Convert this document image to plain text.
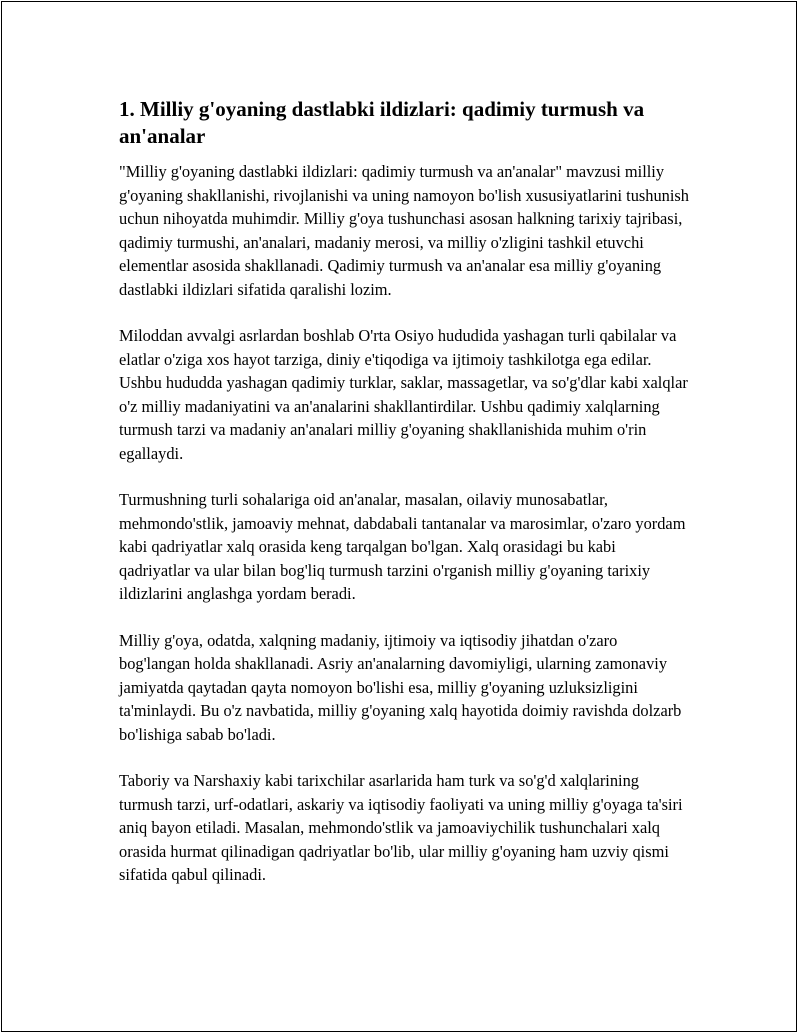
1. Milliy g'oyaning dastlabki ildizlari: qadimiy turmush va an'analar

"Milliy g'oyaning dastlabki ildizlari: qadimiy turmush va an'analar" mavzusi milliy g'oyaning shakllanishi, rivojlanishi va uning namoyon bo'lish xususiyatlarini tushunish uchun nihoyatda muhimdir. Milliy g'oya tushunchasi asosan halkning tarixiy tajribasi, qadimiy turmushi, an'analari, madaniy merosi, va milliy o'zligini tashkil etuvchi elementlar asosida shakllanadi. Qadimiy turmush va an'analar esa milliy g'oyaning dastlabki ildizlari sifatida qaralishi lozim.

Miloddan avvalgi asrlardan boshlab O'rta Osiyo hududida yashagan turli qabilalar va elatlar o'ziga xos hayot tarziga, diniy e'tiqodiga va ijtimoiy tashkilotga ega edilar. Ushbu hududda yashagan qadimiy turklar, saklar, massagetlar, va so'g'dlar kabi xalqlar o'z milliy madaniyatini va an'analarini shakllantirdilar. Ushbu qadimiy xalqlarning turmush tarzi va madaniy an'analari milliy g'oyaning shakllanishida muhim o'rin egallaydi.

Turmushning turli sohalariga oid an'analar, masalan, oilaviy munosabatlar, mehmondo'stlik, jamoaviy mehnat, dabdabali tantanalar va marosimlar, o'zaro yordam kabi qadriyatlar xalq orasida keng tarqalgan bo'lgan. Xalq orasidagi bu kabi qadriyatlar va ular bilan bog'liq turmush tarzini o'rganish milliy g'oyaning tarixiy ildizlarini anglashga yordam beradi.

Milliy g'oya, odatda, xalqning madaniy, ijtimoiy va iqtisodiy jihatdan o'zaro bog'langan holda shakllanadi. Asriy an'analarning davomiyligi, ularning zamonaviy jamiyatda qaytadan qayta nomoyon bo'lishi esa, milliy g'oyaning uzluksizligini ta'minlaydi. Bu o'z navbatida, milliy g'oyaning xalq hayotida doimiy ravishda dolzarb bo'lishiga sabab bo'ladi.

Taboriy va Narshaxiy kabi tarixchilar asarlarida ham turk va so'g'd xalqlarining turmush tarzi, urf-odatlari, askariy va iqtisodiy faoliyati va uning milliy g'oyaga ta'siri aniq bayon etiladi. Masalan, mehmondo'stlik va jamoaviychilik tushunchalari xalq orasida hurmat qilinadigan qadriyatlar bo'lib, ular milliy g'oyaning ham uzviy qismi sifatida qabul qilinadi.
